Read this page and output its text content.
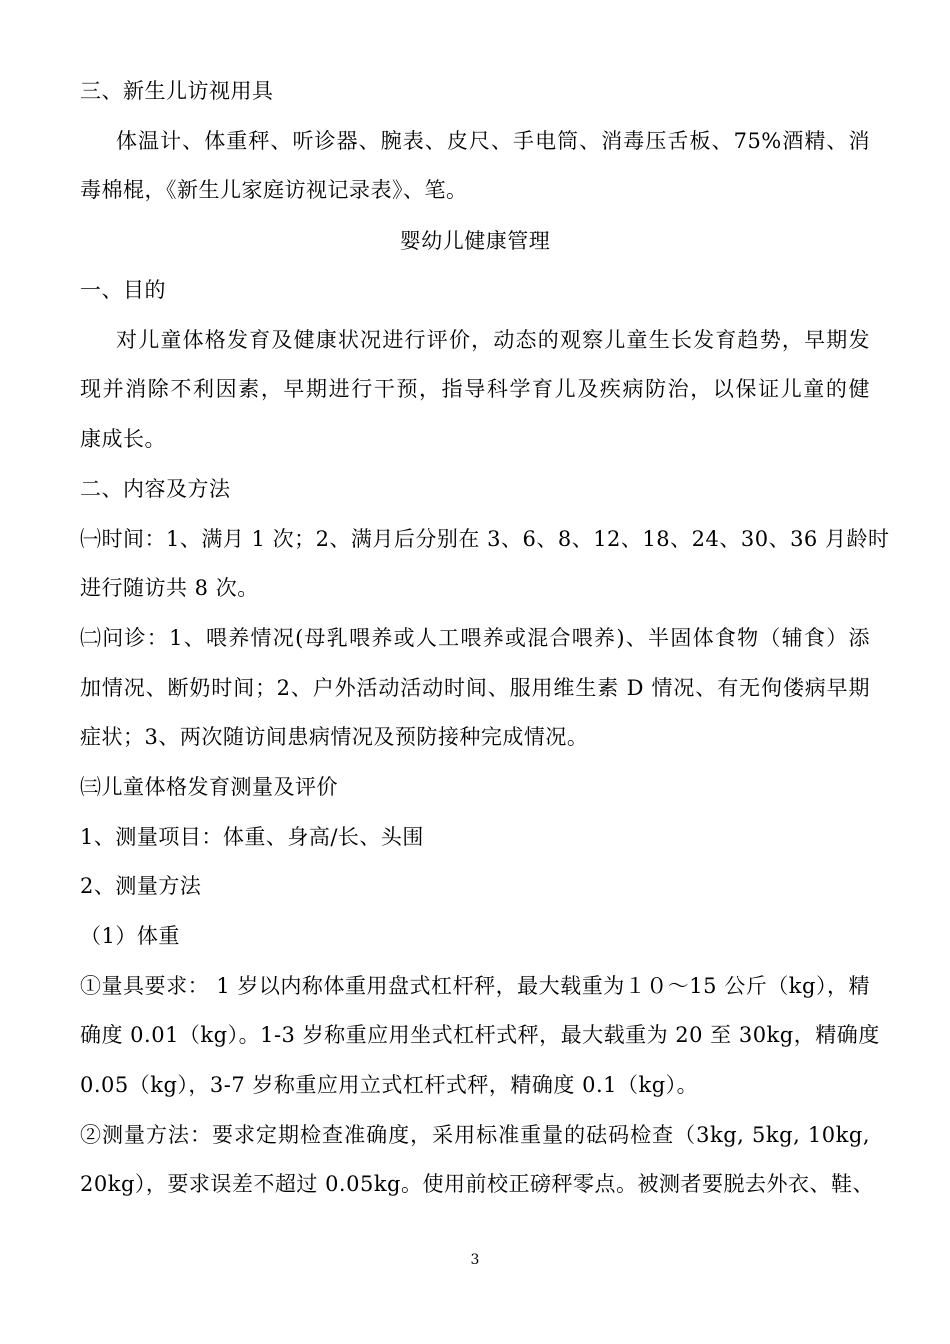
三、新生儿访视用具
体温计、体重秤、听诊器、腕表、皮尺、手电筒、消毒压舌板、75%酒精、消
毒棉棍，《新生儿家庭访视记录表》、笔。
婴幼儿健康管理
一、目的
对儿童体格发育及健康状况进行评价，动态的观察儿童生长发育趋势，早期发
现并消除不利因素，早期进行干预，指导科学育儿及疾病防治，以保证儿童的健
康成长。
二、内容及方法
㈠时间：1、满月 1 次；2、满月后分别在 3、6、8、12、18、24、30、36 月龄时
进行随访共 8 次。
㈡问诊：1、喂养情况(母乳喂养或人工喂养或混合喂养)、半固体食物（辅食）添
加情况、断奶时间；2、户外活动活动时间、服用维生素 D 情况、有无佝偻病早期
症状；3、两次随访间患病情况及预防接种完成情况。
㈢儿童体格发育测量及评价
1、测量项目：体重、身高/长、头围
2、测量方法
（1）体重
①量具要求： 1 岁以内称体重用盘式杠杆秤，最大载重为１０～15 公斤（kg），精
确度 0.01（kg）。1-3 岁称重应用坐式杠杆式秤，最大载重为 20 至 30kg，精确度
0.05（kg），3-7 岁称重应用立式杠杆式秤，精确度 0.1（kg）。
②测量方法：要求定期检查准确度，采用标准重量的砝码检查（3kg, 5kg, 10kg,
20kg），要求误差不超过 0.05kg。使用前校正磅秤零点。被测者要脱去外衣、鞋、
3
